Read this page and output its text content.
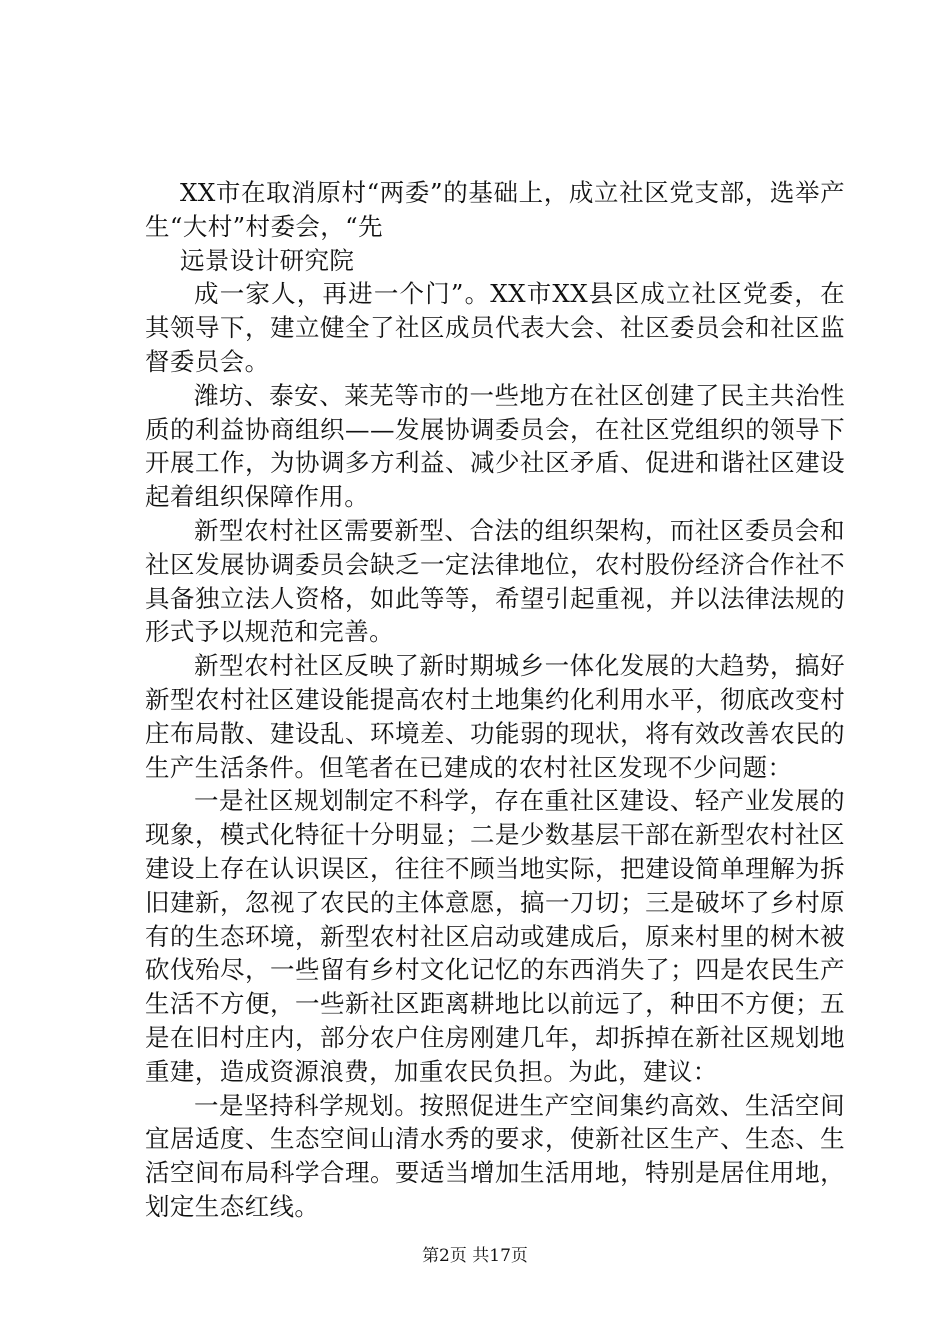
XX市在取消原村“两委”的基础上，成立社区党支部，选举产生“大村”村委会，“先

远景设计研究院

成一家人，再进一个门”。XX市XX县区成立社区党委，在其领导下，建立健全了社区成员代表大会、社区委员会和社区监督委员会。

潍坊、泰安、莱芜等市的一些地方在社区创建了民主共治性质的利益协商组织——发展协调委员会，在社区党组织的领导下开展工作，为协调多方利益、减少社区矛盾、促进和谐社区建设起着组织保障作用。

新型农村社区需要新型、合法的组织架构，而社区委员会和社区发展协调委员会缺乏一定法律地位，农村股份经济合作社不具备独立法人资格，如此等等，希望引起重视，并以法律法规的形式予以规范和完善。

新型农村社区反映了新时期城乡一体化发展的大趋势，搞好新型农村社区建设能提高农村土地集约化利用水平，彻底改变村庄布局散、建设乱、环境差、功能弱的现状，将有效改善农民的生产生活条件。但笔者在已建成的农村社区发现不少问题：

一是社区规划制定不科学，存在重社区建设、轻产业发展的现象，模式化特征十分明显；二是少数基层干部在新型农村社区建设上存在认识误区，往往不顾当地实际，把建设简单理解为拆旧建新，忽视了农民的主体意愿，搞一刀切；三是破坏了乡村原有的生态环境，新型农村社区启动或建成后，原来村里的树木被砍伐殆尽，一些留有乡村文化记忆的东西消失了；四是农民生产生活不方便，一些新社区距离耕地比以前远了，种田不方便；五是在旧村庄内，部分农户住房刚建几年，却拆掉在新社区规划地重建，造成资源浪费，加重农民负担。为此，建议：

一是坚持科学规划。按照促进生产空间集约高效、生活空间宜居适度、生态空间山清水秀的要求，使新社区生产、生态、生活空间布局科学合理。要适当增加生活用地，特别是居住用地，划定生态红线。

第2页 共17页
